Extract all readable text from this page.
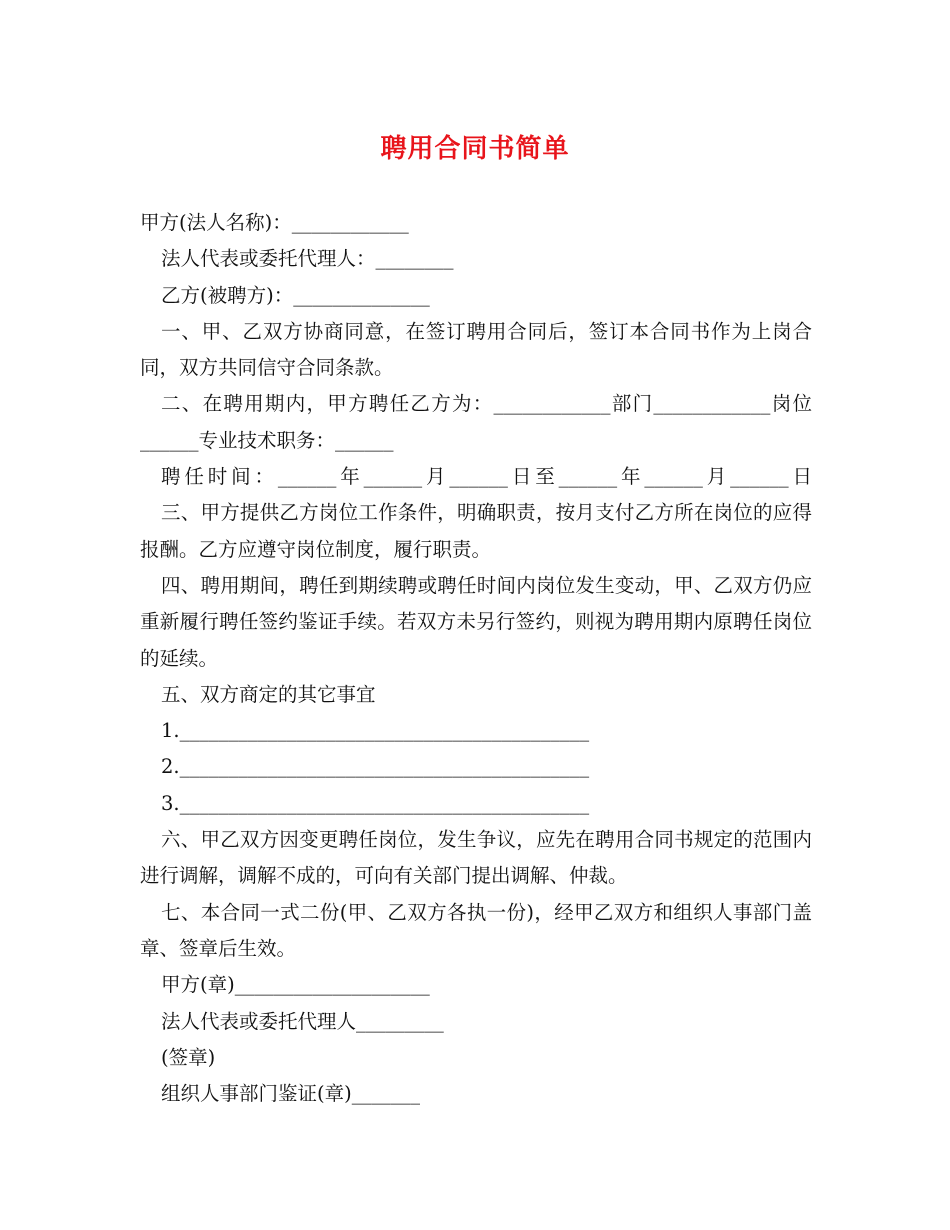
聘用合同书简单

甲方(法人名称)：____________

法人代表或委托代理人：________

乙方(被聘方)：______________

一、甲、乙双方协商同意，在签订聘用合同后，签订本合同书作为上岗合同，双方共同信守合同条款。

二、在聘用期内，甲方聘任乙方为：____________部门____________岗位______专业技术职务：______

聘任时间：______年______月______日至______年______月______日

三、甲方提供乙方岗位工作条件，明确职责，按月支付乙方所在岗位的应得报酬。乙方应遵守岗位制度，履行职责。

四、聘用期间，聘任到期续聘或聘任时间内岗位发生变动，甲、乙双方仍应重新履行聘任签约鉴证手续。若双方未另行签约，则视为聘用期内原聘任岗位的延续。

五、双方商定的其它事宜

1.__________________________________________

2.__________________________________________

3.__________________________________________

六、甲乙双方因变更聘任岗位，发生争议，应先在聘用合同书规定的范围内进行调解，调解不成的，可向有关部门提出调解、仲裁。

七、本合同一式二份(甲、乙双方各执一份)，经甲乙双方和组织人事部门盖章、签章后生效。

甲方(章)____________________

法人代表或委托代理人_________

(签章)

组织人事部门鉴证(章)_______
